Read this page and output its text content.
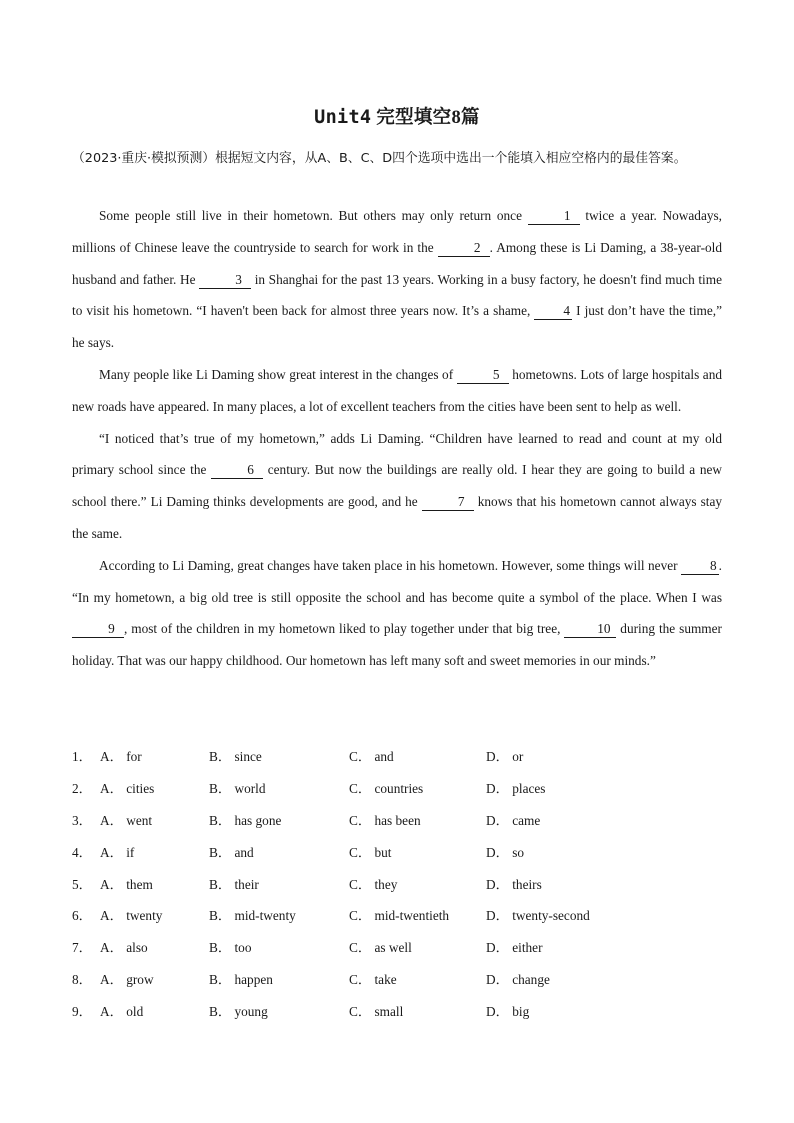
Unit4 完型填空8篇
（2023·重庆·模拟预测）根据短文内容，从A、B、C、D四个选项中选出一个能填入相应空格内的最佳答案。

Some people still live in their hometown. But others may only return once	1 twice a year. Nowadays, millions of Chinese leave the countryside to search for work in the	2 . Among these is Li Daming, a 38-year-old husband and father. He	3 in Shanghai for the past 13 years. Working in a busy factory, he doesn't find much time to visit his hometown. “I haven't been back for almost three years now. It’s a shame, 4 I just don’t have the time,” he says.

Many people like Li Daming show great interest in the changes of	5 hometowns. Lots of large hospitals and new roads have appeared. In many places, a lot of excellent teachers from the cities have been sent to help as well.

“I noticed that’s true of my hometown,” adds Li Daming. “Children have learned to read and count at my old primary school since the	6 century. But now the buildings are really old. I hear they are going to build a new school there.” Li Daming thinks developments are good, and he	7 knows that his hometown cannot always stay the same.

According to Li Daming, great changes have taken place in his hometown. However, some things will never 8 . “In my hometown, a big old tree is still opposite the school and has become quite a symbol of the place. When I was 9 , most of the children in my hometown liked to play together under that big tree, 10 during the summer holiday. That was our happy childhood. Our hometown has left many soft and sweet memories in our minds.”

1． A． for	B． since	C． and	D． or
2． A． cities	B． world	C． countries	D． places
3． A． went	B． has gone	C． has been	D． came
4． A． if	B． and	C． but	D． so
5． A． them	B． their	C． they	D． theirs
6． A． twenty	B． mid-twenty	C． mid-twentieth	D． twenty-second
7． A． also	B． too	C． as well	D． either
8． A． grow	B． happen	C． take	D． change
9． A． old	B． young	C． small	D． big
